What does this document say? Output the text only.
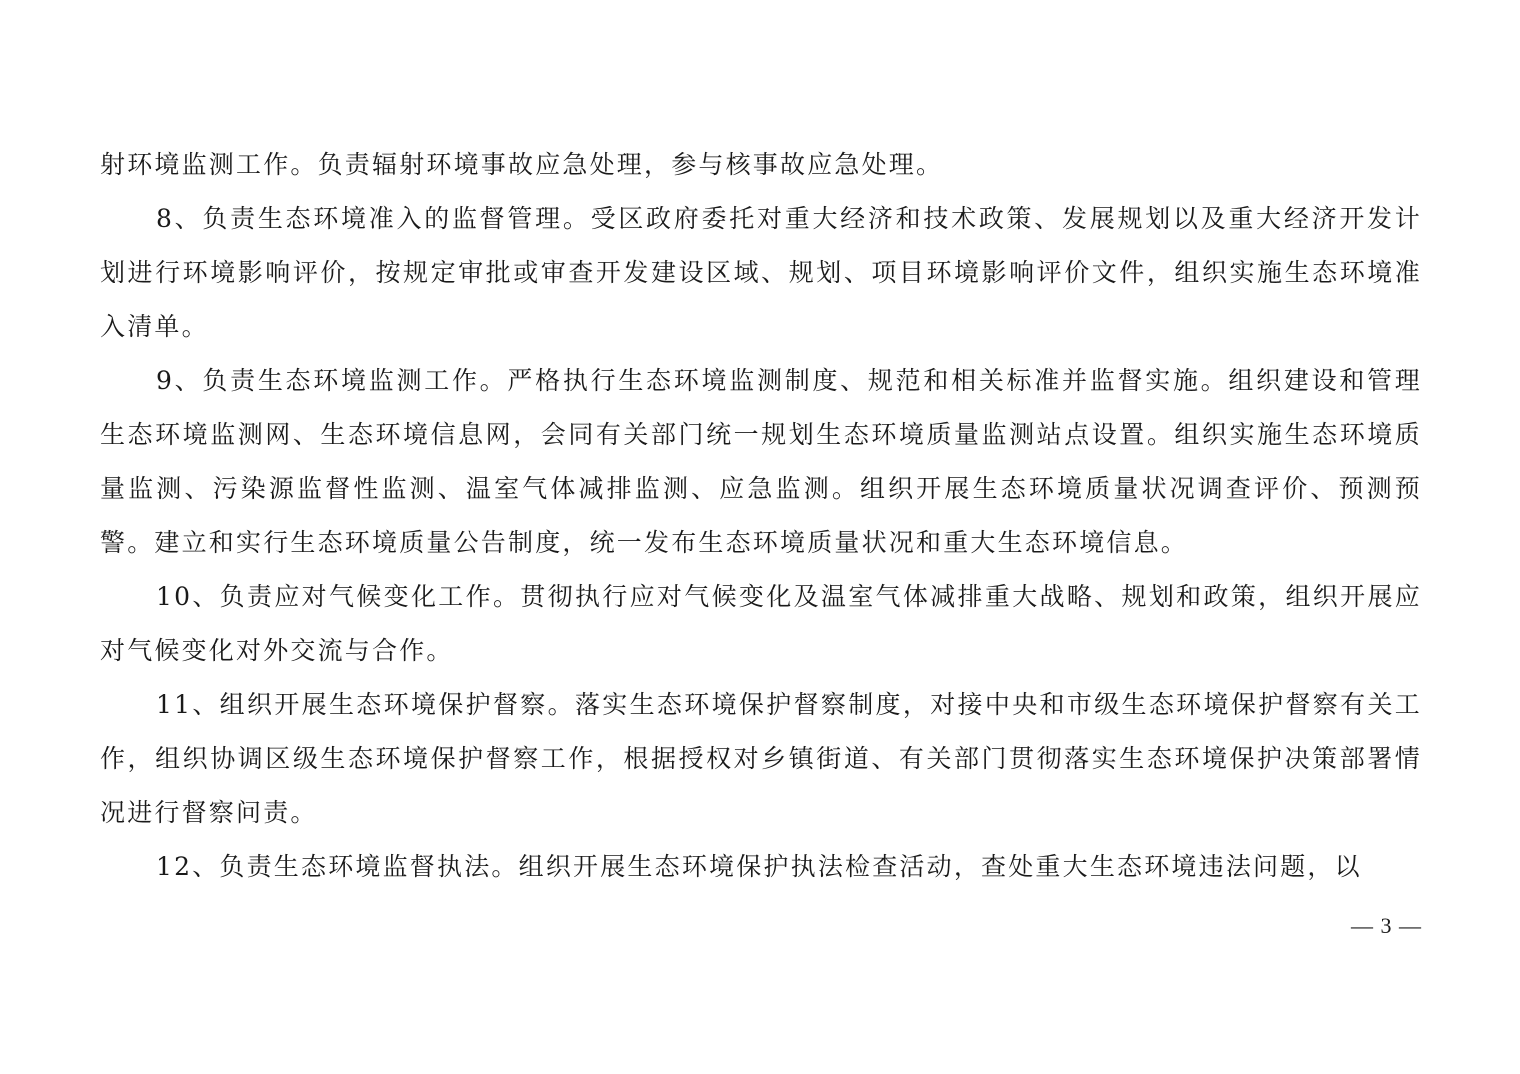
射环境监测工作。负责辐射环境事故应急处理，参与核事故应急处理。

8、负责生态环境准入的监督管理。受区政府委托对重大经济和技术政策、发展规划以及重大经济开发计划进行环境影响评价，按规定审批或审查开发建设区域、规划、项目环境影响评价文件，组织实施生态环境准入清单。

9、负责生态环境监测工作。严格执行生态环境监测制度、规范和相关标准并监督实施。组织建设和管理生态环境监测网、生态环境信息网，会同有关部门统一规划生态环境质量监测站点设置。组织实施生态环境质量监测、污染源监督性监测、温室气体减排监测、应急监测。组织开展生态环境质量状况调查评价、预测预警。建立和实行生态环境质量公告制度，统一发布生态环境质量状况和重大生态环境信息。

10、负责应对气候变化工作。贯彻执行应对气候变化及温室气体减排重大战略、规划和政策，组织开展应对气候变化对外交流与合作。

11、组织开展生态环境保护督察。落实生态环境保护督察制度，对接中央和市级生态环境保护督察有关工作，组织协调区级生态环境保护督察工作，根据授权对乡镇街道、有关部门贯彻落实生态环境保护决策部署情况进行督察问责。

12、负责生态环境监督执法。组织开展生态环境保护执法检查活动，查处重大生态环境违法问题，以

— 3 —
